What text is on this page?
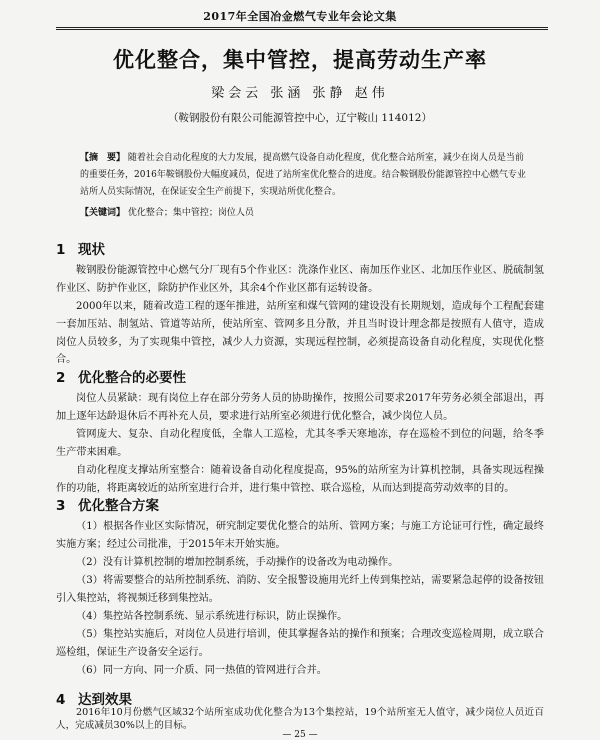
2017年全国冶金燃气专业年会论文集
优化整合，集中管控，提高劳动生产率
梁会云 张涵 张静 赵伟
（鞍钢股份有限公司能源管控中心，辽宁鞍山 114012）
【摘　要】 随着社会自动化程度的大力发展，提高燃气设备自动化程度，优化整合站所室，减少在岗人员是当前的重要任务，2016年鞍钢股份大幅度减员，促进了站所室优化整合的进度。结合鞍钢股份能源管控中心燃气专业站所人员实际情况，在保证安全生产前提下，实现站所优化整合。
【关键词】 优化整合；集中管控；岗位人员
1 现状
鞍钢股份能源管控中心燃气分厂现有5个作业区：洗涤作业区、南加压作业区、北加压作业区、脱硫制氢作业区、防护作业区，除防护作业区外，其余4个作业区都有运转设备。
2000年以来，随着改造工程的逐年推进，站所室和煤气管网的建设没有长期规划，造成每个工程配套建一套加压站、制氢站、管道等站所，使站所室、管网多且分散，并且当时设计理念都是按照有人值守，造成岗位人员较多，为了实现集中管控，减少人力资源，实现远程控制，必须提高设备自动化程度，实现优化整合。
2 优化整合的必要性
岗位人员紧缺：现有岗位上存在部分劳务人员的协助操作，按照公司要求2017年劳务必须全部退出，再加上逐年达龄退休后不再补充人员，要求进行站所室必须进行优化整合，减少岗位人员。
管网庞大、复杂、自动化程度低，全靠人工巡检，尤其冬季天寒地冻，存在巡检不到位的问题，给冬季生产带来困难。
自动化程度支撑站所室整合：随着设备自动化程度提高，95%的站所室为计算机控制，具备实现远程操作的功能，将距离较近的站所室进行合并，进行集中管控、联合巡检，从而达到提高劳动效率的目的。
3 优化整合方案
（1）根据各作业区实际情况，研究制定要优化整合的站所、管网方案；与施工方论证可行性，确定最终实施方案；经过公司批准，于2015年末开始实施。
（2）没有计算机控制的增加控制系统，手动操作的设备改为电动操作。
（3）将需要整合的站所控制系统、消防、安全报警设施用光纤上传到集控站，需要紧急起停的设备按钮引入集控站，将视频迁移到集控站。
（4）集控站各控制系统、显示系统进行标识，防止误操作。
（5）集控站实施后，对岗位人员进行培训，使其掌握各站的操作和预案；合理改变巡检周期，成立联合巡检组，保证生产设备安全运行。
（6）同一方向、同一介质、同一热值的管网进行合并。
4 达到效果
2016年10月份燃气区域32个站所室成功优化整合为13个集控站，19个站所室无人值守，减少岗位人员近百人，完成减员30%以上的目标。
— 25 —
